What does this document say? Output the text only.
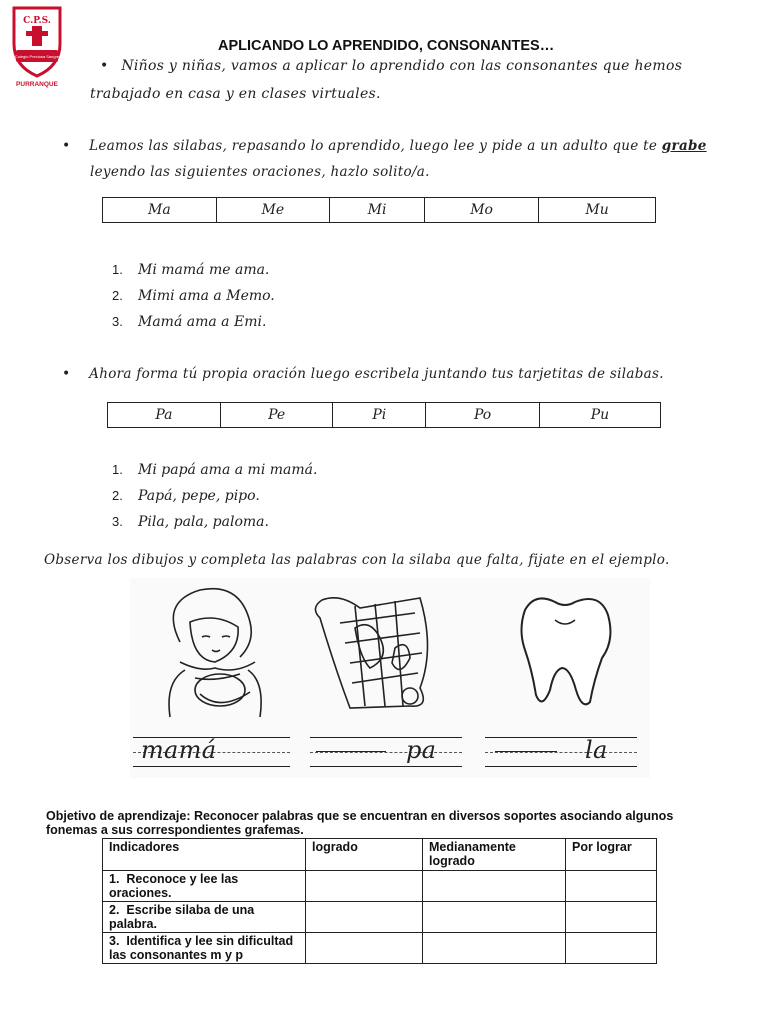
C.P.S.
Colegio Preciosa Sangre
PURRANQUE
APLICANDO LO APRENDIDO, CONSONANTES…
• Niños y niñas, vamos a aplicar lo aprendido con las consonantes que hemos
trabajado en casa y en clases virtuales.
• Leamos las silabas, repasando lo aprendido, luego lee y pide a un adulto que te grabe
leyendo las siguientes oraciones, hazlo solito/a.
Ma	Me	Mi	Mo	Mu
1. Mi mamá me ama.
2. Mimi ama a Memo.
3. Mamá ama a Emi.
• Ahora forma tú propia oración luego escribela juntando tus tarjetitas de silabas.
Pa	Pe	Pi	Po	Pu
1. Mi papá ama a mi mamá.
2. Papá, pepe, pipo.
3. Pila, pala, paloma.
Observa los dibujos y completa las palabras con la silaba que falta, fijate en el ejemplo.
mamá	pa	la
Objetivo de aprendizaje: Reconocer palabras que se encuentran en diversos soportes asociando algunos fonemas a sus correspondientes grafemas.
Indicadores	logrado	Medianamente logrado	Por lograr
1. Reconoce y lee las oraciones.			
2. Escribe silaba de una palabra.			
3. Identifica y lee sin dificultad las consonantes m y p			
